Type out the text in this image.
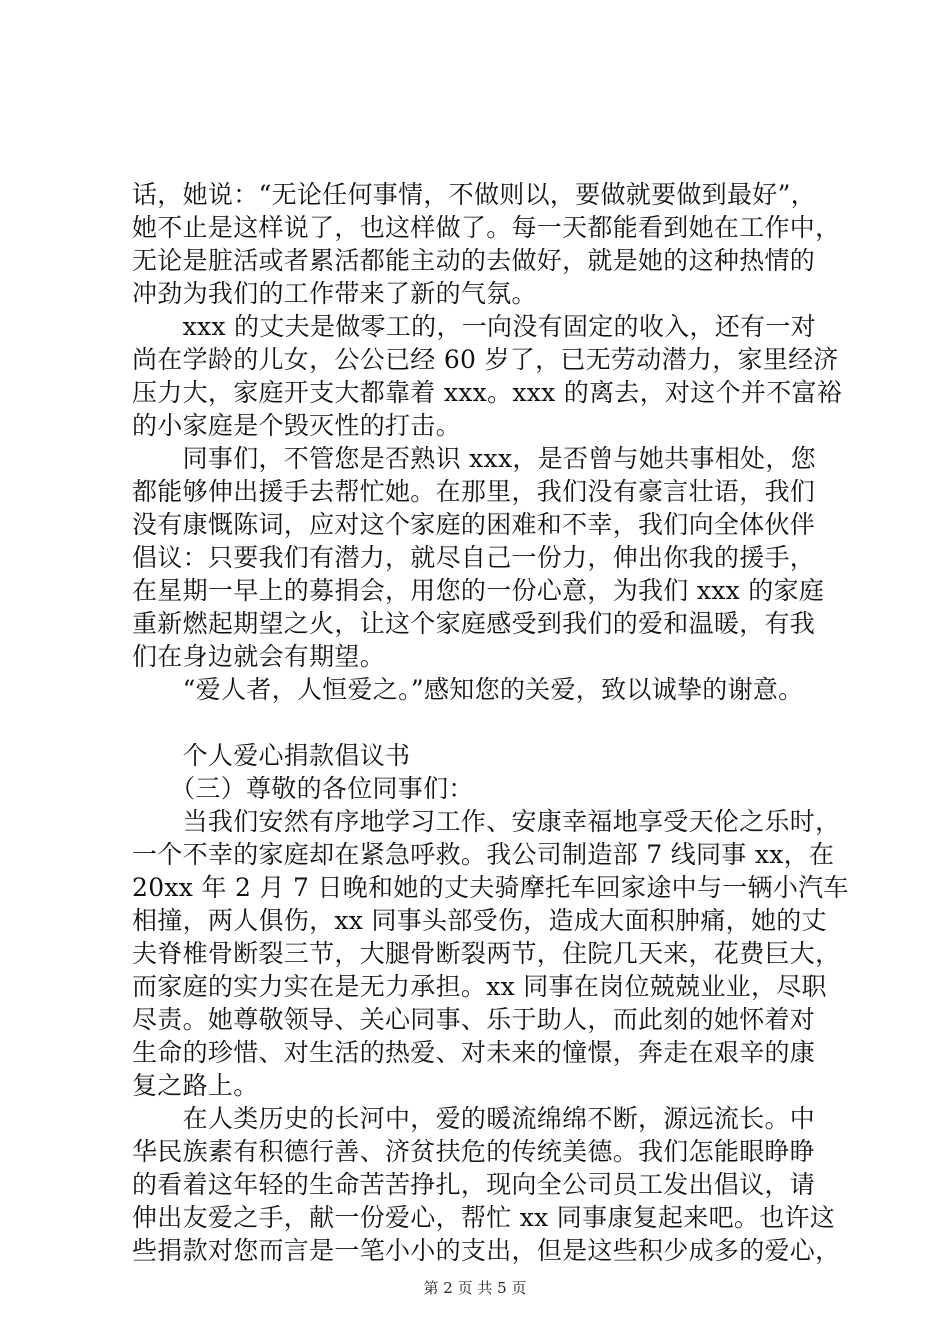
话，她说：“无论任何事情，不做则以，要做就要做到最好”，
她不止是这样说了，也这样做了。每一天都能看到她在工作中，
无论是脏活或者累活都能主动的去做好，就是她的这种热情的
冲劲为我们的工作带来了新的气氛。
　　xxx 的丈夫是做零工的，一向没有固定的收入，还有一对
尚在学龄的儿女，公公已经 60 岁了，已无劳动潜力，家里经济
压力大，家庭开支大都靠着 xxx。xxx 的离去，对这个并不富裕
的小家庭是个毁灭性的打击。
　　同事们，不管您是否熟识 xxx，是否曾与她共事相处，您
都能够伸出援手去帮忙她。在那里，我们没有豪言壮语，我们
没有康慨陈词，应对这个家庭的困难和不幸，我们向全体伙伴
倡议：只要我们有潜力，就尽自己一份力，伸出你我的援手，
在星期一早上的募捐会，用您的一份心意，为我们 xxx 的家庭
重新燃起期望之火，让这个家庭感受到我们的爱和温暖，有我
们在身边就会有期望。
　　“爱人者，人恒爱之。”感知您的关爱，致以诚挚的谢意。
　　个人爱心捐款倡议书
　　（三）尊敬的各位同事们：
　　当我们安然有序地学习工作、安康幸福地享受天伦之乐时，
一个不幸的家庭却在紧急呼救。我公司制造部 7 线同事 xx，在
20xx 年 2 月 7 日晚和她的丈夫骑摩托车回家途中与一辆小汽车
相撞，两人俱伤，xx 同事头部受伤，造成大面积肿痛，她的丈
夫脊椎骨断裂三节，大腿骨断裂两节，住院几天来，花费巨大，
而家庭的实力实在是无力承担。xx 同事在岗位兢兢业业，尽职
尽责。她尊敬领导、关心同事、乐于助人，而此刻的她怀着对
生命的珍惜、对生活的热爱、对未来的憧憬，奔走在艰辛的康
复之路上。
　　在人类历史的长河中，爱的暖流绵绵不断，源远流长。中
华民族素有积德行善、济贫扶危的传统美德。我们怎能眼睁睁
的看着这年轻的生命苦苦挣扎，现向全公司员工发出倡议，请
伸出友爱之手，献一份爱心，帮忙 xx 同事康复起来吧。也许这
些捐款对您而言是一笔小小的支出，但是这些积少成多的爱心，
第 2 页 共 5 页
